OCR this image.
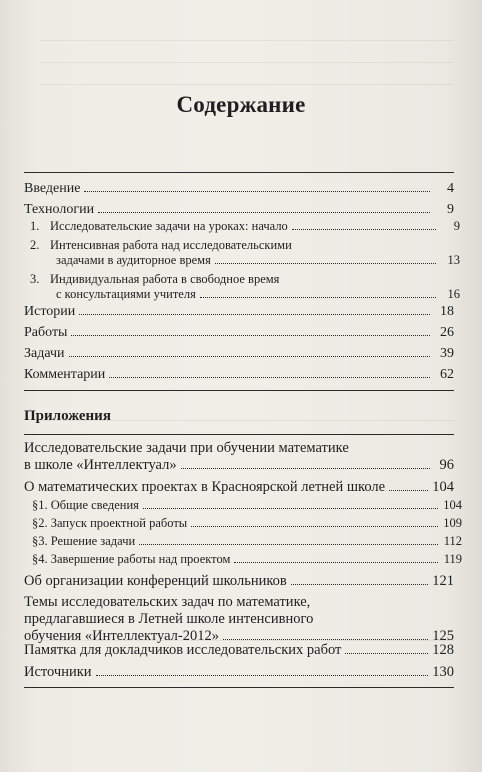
Содержание
Введение	4
Технологии	9
1. Исследовательские задачи на уроках: начало	9
2. Интенсивная работа над исследовательскими
задачами в аудиторное время	13
3. Индивидуальная работа в свободное время
с консультациями учителя	16
Истории	18
Работы	26
Задачи	39
Комментарии	62
Приложения
Исследовательские задачи при обучении математике
в школе «Интеллектуал»	96
О математических проектах в Красноярской летней школе	104
§1. Общие сведения	104
§2. Запуск проектной работы	109
§3. Решение задачи	112
§4. Завершение работы над проектом	119
Об организации конференций школьников	121
Темы исследовательских задач по математике,
предлагавшиеся в Летней школе интенсивного
обучения «Интеллектуал-2012»	125
Памятка для докладчиков исследовательских работ	128
Источники	130
